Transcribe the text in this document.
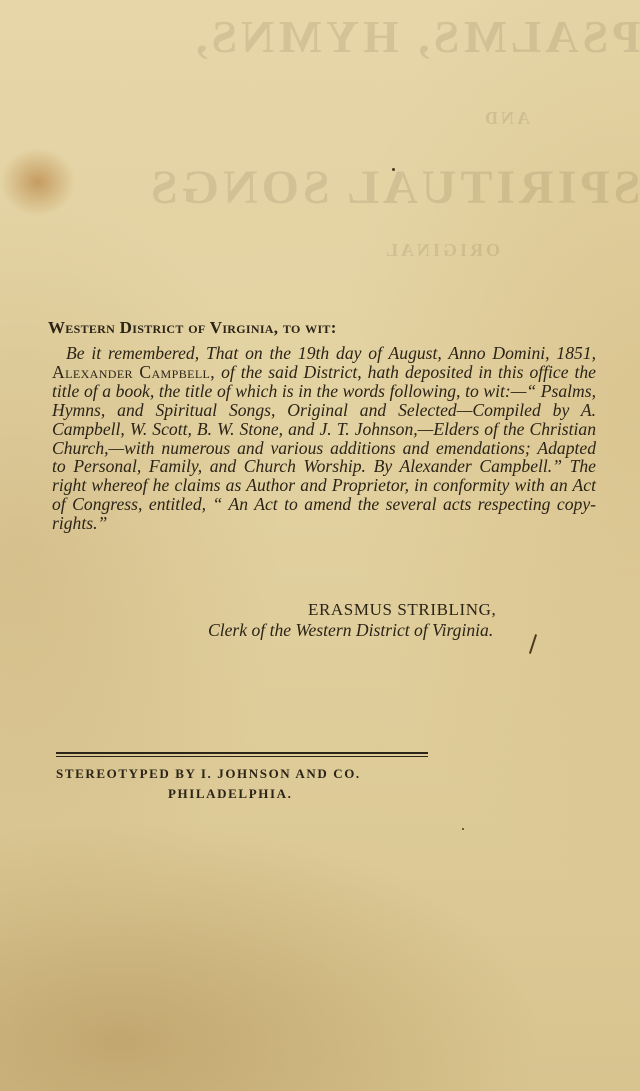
PSALMS, HYMNS,
AND
SPIRITUAL SONGS
ORIGINAL
Western District of Virginia, to wit:

Be it remembered, That on the 19th day of August, Anno Domini, 1851, Alexander Campbell, of the said District, hath deposited in this office the title of a book, the title of which is in the words following, to wit:—“ Psalms, Hymns, and Spiritual Songs, Original and Selected—Compiled by A. Campbell, W. Scott, B. W. Stone, and J. T. Johnson,—Elders of the Christian Church,—with numerous and various additions and emendations; Adapted to Personal, Family, and Church Worship. By Alexander Campbell.” The right whereof he claims as Author and Proprietor, in conformity with an Act of Congress, entitled, “ An Act to amend the several acts respecting copy-rights.”

ERASMUS STRIBLING,
Clerk of the Western District of Virginia.
STEREOTYPED BY I. JOHNSON AND CO.
PHILADELPHIA.
